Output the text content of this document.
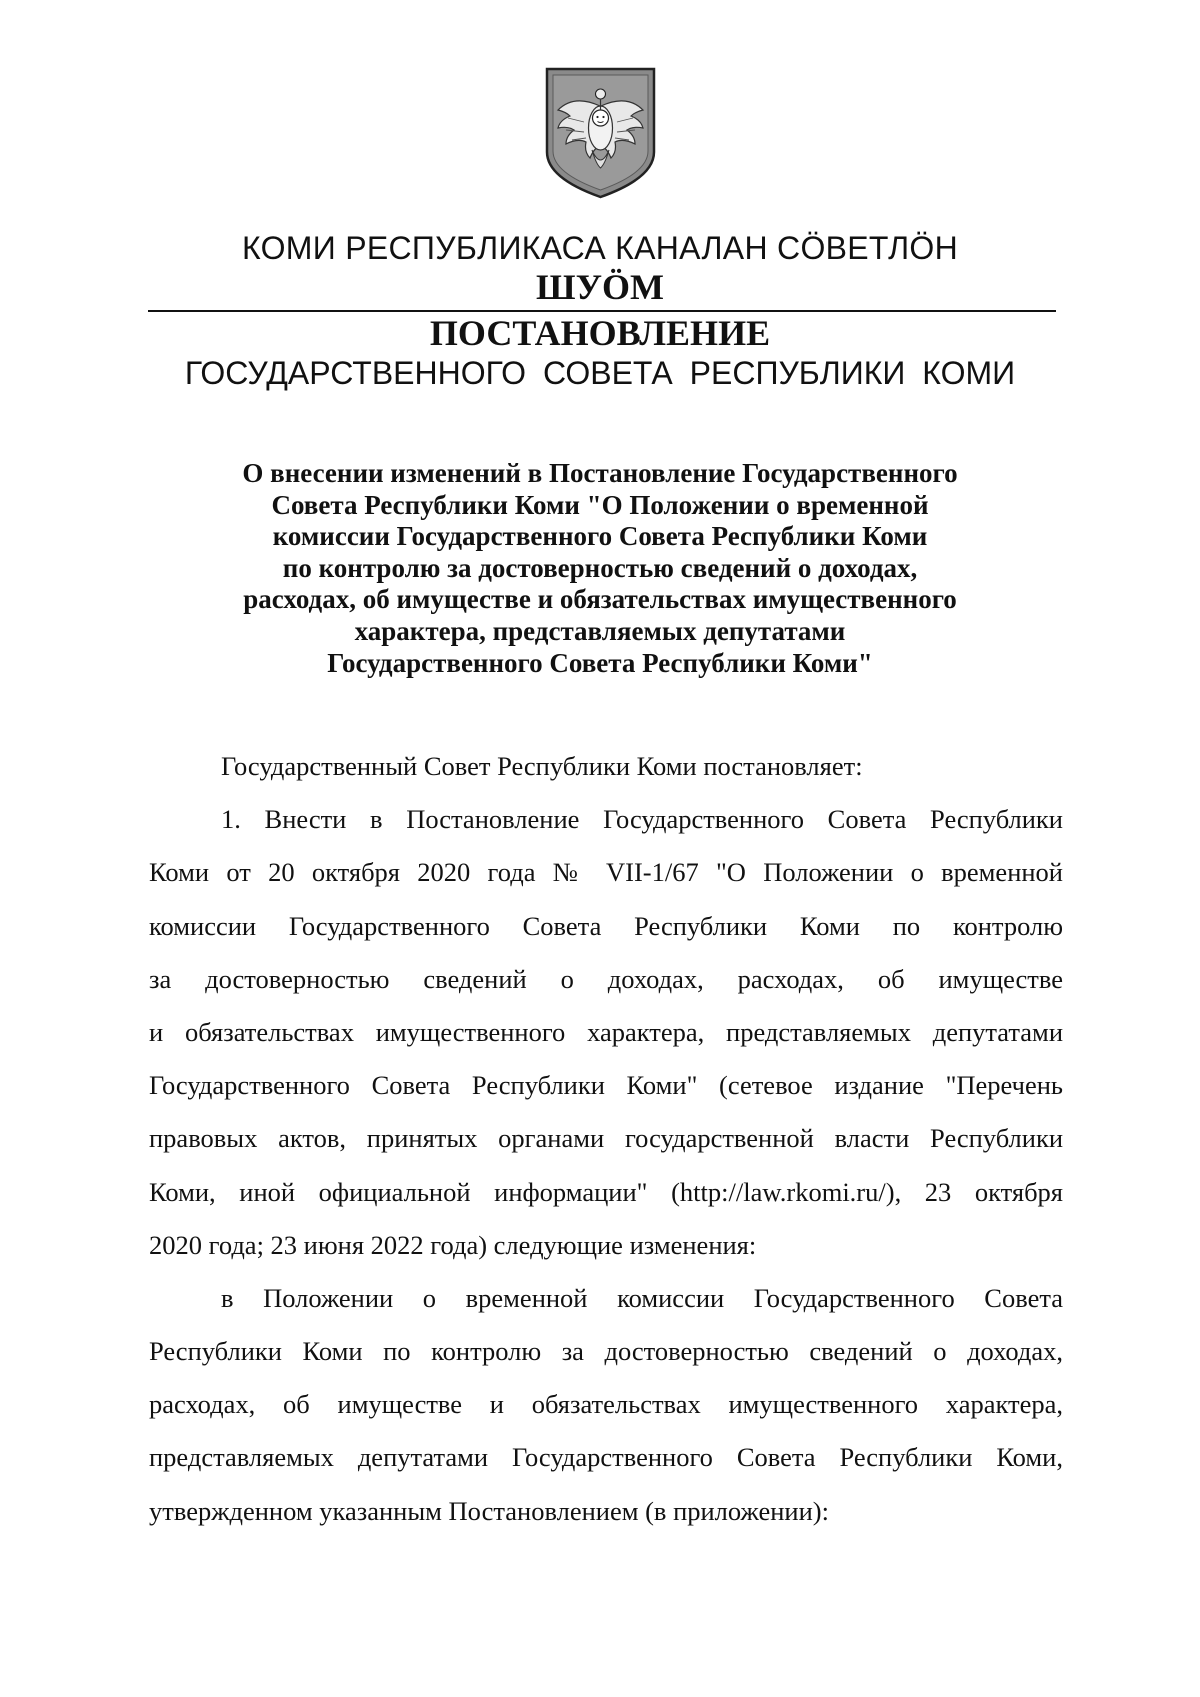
КОМИ РЕСПУБЛИКАСА КАНАЛАН СÖВЕТЛÖН
ШУÖМ
ПОСТАНОВЛЕНИЕ
ГОСУДАРСТВЕННОГО СОВЕТА РЕСПУБЛИКИ КОМИ
О внесении изменений в Постановление Государственного
Совета Республики Коми "О Положении о временной
комиссии Государственного Совета Республики Коми
по контролю за достоверностью сведений о доходах,
расходах, об имуществе и обязательствах имущественного
характера, представляемых депутатами
Государственного Совета Республики Коми"
Государственный Совет Республики Коми постановляет:
1. Внести в Постановление Государственного Совета Республики
Коми от 20 октября 2020 года № VII-1/67 "О Положении о временной
комиссии Государственного Совета Республики Коми по контролю
за достоверностью сведений о доходах, расходах, об имуществе
и обязательствах имущественного характера, представляемых депутатами
Государственного Совета Республики Коми" (сетевое издание "Перечень
правовых актов, принятых органами государственной власти Республики
Коми, иной официальной информации" (http://law.rkomi.ru/), 23 октября
2020 года; 23 июня 2022 года) следующие изменения:
в Положении о временной комиссии Государственного Совета
Республики Коми по контролю за достоверностью сведений о доходах,
расходах, об имуществе и обязательствах имущественного характера,
представляемых депутатами Государственного Совета Республики Коми,
утвержденном указанным Постановлением (в приложении):
